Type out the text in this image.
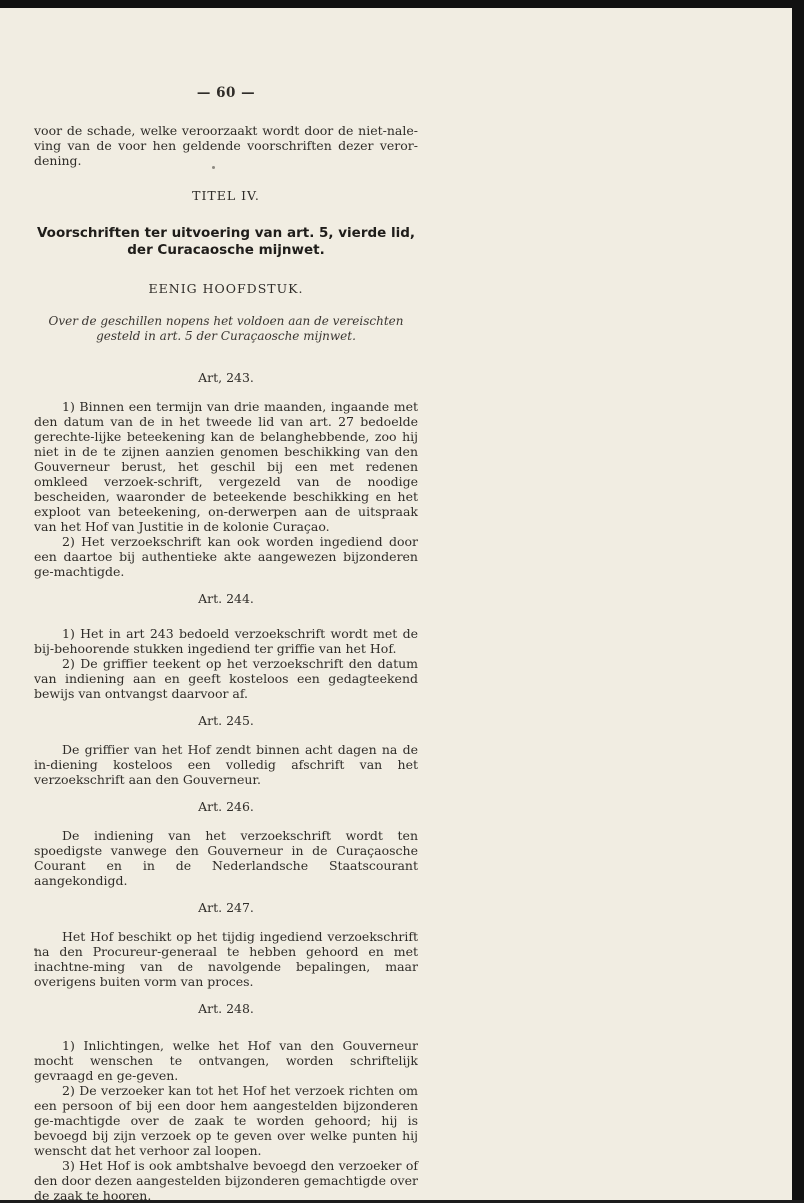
— 60 —

voor de schade, welke veroorzaakt wordt door de niet-nale-ving van de voor hen geldende voorschriften dezer veror-dening.

TITEL IV.
Voorschriften ter uitvoering van art. 5, vierde lid, der Curacaosche mijnwet.
EENIG HOOFDSTUK.
Over de geschillen nopens het voldoen aan de vereischten gesteld in art. 5 der Curaçaosche mijnwet.
Art, 243.

1) Binnen een termijn van drie maanden, ingaande met den datum van de in het tweede lid van art. 27 bedoelde gerechte-lijke beteekening kan de belanghebbende, zoo hij niet in de te zijnen aanzien genomen beschikking van den Gouverneur berust, het geschil bij een met redenen omkleed verzoek-schrift, vergezeld van de noodige bescheiden, waaronder de beteekende beschikking en het exploot van beteekening, on-derwerpen aan de uitspraak van het Hof van Justitie in de kolonie Curaçao.

2) Het verzoekschrift kan ook worden ingediend door een daartoe bij authentieke akte aangewezen bijzonderen ge-machtigde.

Art. 244.

1) Het in art 243 bedoeld verzoekschrift wordt met de bij-behoorende stukken ingediend ter griffie van het Hof.

2) De griffier teekent op het verzoekschrift den datum van indiening aan en geeft kosteloos een gedagteekend bewijs van ontvangst daarvoor af.

Art. 245.

De griffier van het Hof zendt binnen acht dagen na de in-diening kosteloos een volledig afschrift van het verzoekschrift aan den Gouverneur.

Art. 246.

De indiening van het verzoekschrift wordt ten spoedigste vanwege den Gouverneur in de Curaçaosche Courant en in de Nederlandsche Staatscourant aangekondigd.

Art. 247.

Het Hof beschikt op het tijdig ingediend verzoekschrift na den Procureur-generaal te hebben gehoord en met inachtne-ming van de navolgende bepalingen, maar overigens buiten vorm van proces.

Art. 248.

1) Inlichtingen, welke het Hof van den Gouverneur mocht wenschen te ontvangen, worden schriftelijk gevraagd en ge-geven.

2) De verzoeker kan tot het Hof het verzoek richten om een persoon of bij een door hem aangestelden bijzonderen ge-machtigde over de zaak te worden gehoord; hij is bevoegd bij zijn verzoek op te geven over welke punten hij wenscht dat het verhoor zal loopen.

3) Het Hof is ook ambtshalve bevoegd den verzoeker of den door dezen aangestelden bijzonderen gemachtigde over de zaak te hooren.
